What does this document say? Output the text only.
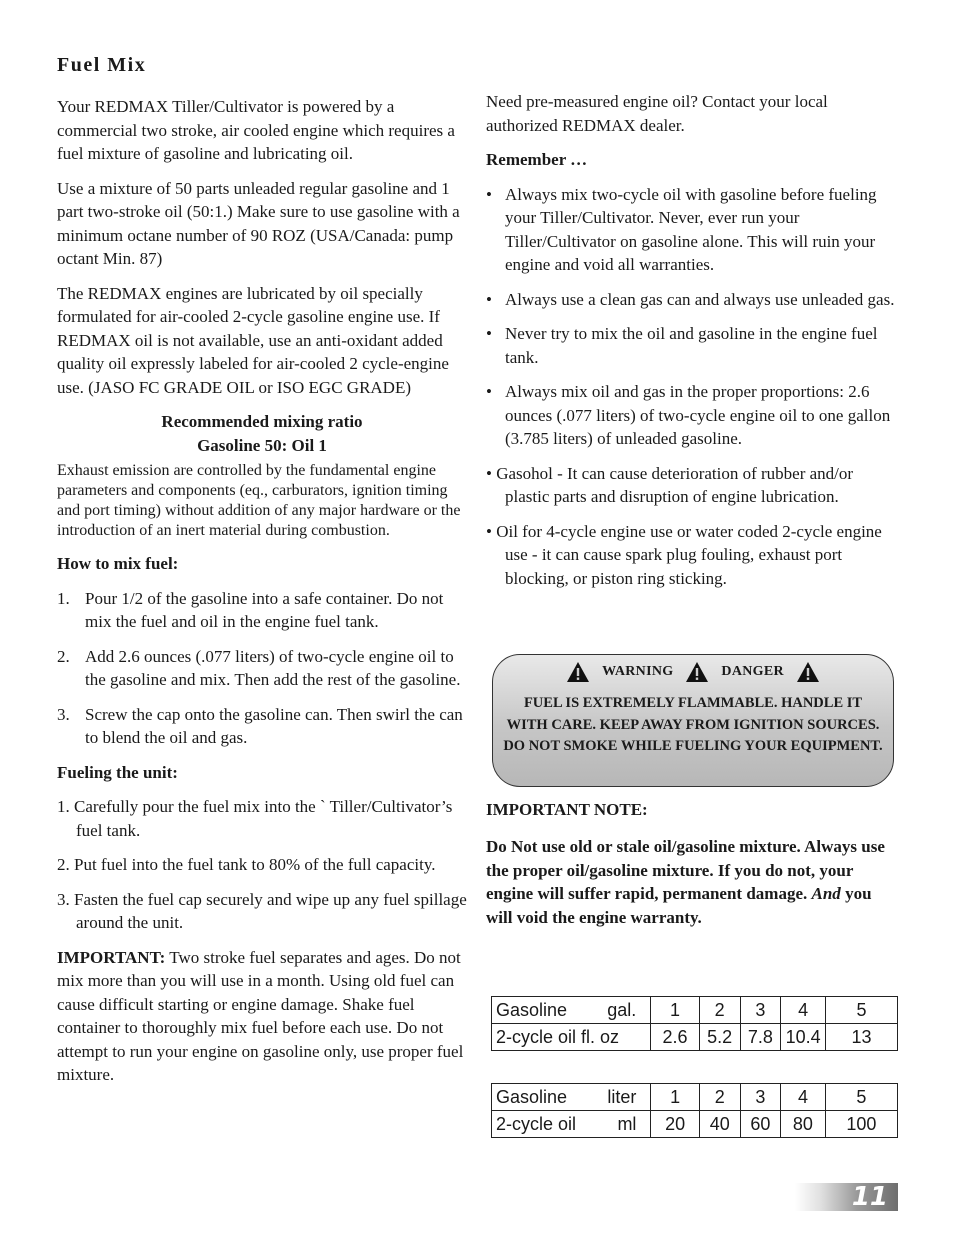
Fuel Mix

Your REDMAX Tiller/Cultivator is powered by a commercial two stroke, air cooled engine which requires a fuel mixture of gasoline and lubricating oil.

Use a mixture of 50 parts unleaded regular gasoline and 1 part two-stroke oil (50:1.) Make sure to use gasoline with a minimum octane number of 90 ROZ (USA/Canada: pump octant Min. 87)

The REDMAX engines are lubricated by oil specially formulated for air-cooled 2-cycle gasoline engine use. If REDMAX oil is not available, use an anti-oxidant added quality oil expressly labeled for air-cooled 2 cycle-engine use. (JASO FC GRADE OIL or ISO EGC GRADE)

Recommended mixing ratio
Gasoline 50: Oil 1

Exhaust emission are controlled by the fundamental engine parameters and components (eq., carburators, ignition timing and port timing) without addition of any major hardware or the introduction of an inert material during combustion.

How to mix fuel:

1. Pour 1/2 of the gasoline into a safe container. Do not mix the fuel and oil in the engine fuel tank.
2. Add 2.6 ounces (.077 liters) of two-cycle engine oil to the gasoline and mix. Then add the rest of the gasoline.
3. Screw the cap onto the gasoline can. Then swirl the can to blend the oil and gas.

Fueling the unit:

1. Carefully pour the fuel mix into the ` Tiller/Cultivator’s fuel tank.
2. Put fuel into the fuel tank to 80% of the full capacity.
3. Fasten the fuel cap securely and wipe up any fuel spillage around the unit.

IMPORTANT: Two stroke fuel separates and ages. Do not mix more than you will use in a month. Using old fuel can cause difficult starting or engine damage. Shake fuel container to thoroughly mix fuel before each use. Do not attempt to run your engine on gasoline only, use proper fuel mixture.

Need pre-measured engine oil? Contact your local authorized REDMAX dealer.

Remember …

• Always mix two-cycle oil with gasoline before fueling your Tiller/Cultivator. Never, ever run your Tiller/Cultivator on gasoline alone. This will ruin your engine and void all warranties.
• Always use a clean gas can and always use unleaded gas.
• Never try to mix the oil and gasoline in the engine fuel tank.
• Always mix oil and gas in the proper proportions: 2.6 ounces (.077 liters) of two-cycle engine oil to one gallon (3.785 liters) of unleaded gasoline.
• Gasohol - It can cause deterioration of rubber and/or plastic parts and disruption of engine lubrication.
• Oil for 4-cycle engine use or water coded 2-cycle engine use - it can cause spark plug fouling, exhaust port blocking, or piston ring sticking.
WARNING	DANGER
FUEL IS EXTREMELY FLAMMABLE. HANDLE IT WITH CARE. KEEP AWAY FROM IGNITION SOURCES. DO NOT SMOKE WHILE FUELING YOUR EQUIPMENT.
IMPORTANT NOTE:
Do Not use old or stale oil/gasoline mixture. Always use the proper oil/gasoline mixture. If you do not, your engine will suffer rapid, permanent damage. And you will void the engine warranty.
Gasoline gal.	1	2	3	4	5
2-cycle oil fl. oz	2.6	5.2	7.8	10.4	13
Gasoline liter	1	2	3	4	5
2-cycle oil ml	20	40	60	80	100
11
